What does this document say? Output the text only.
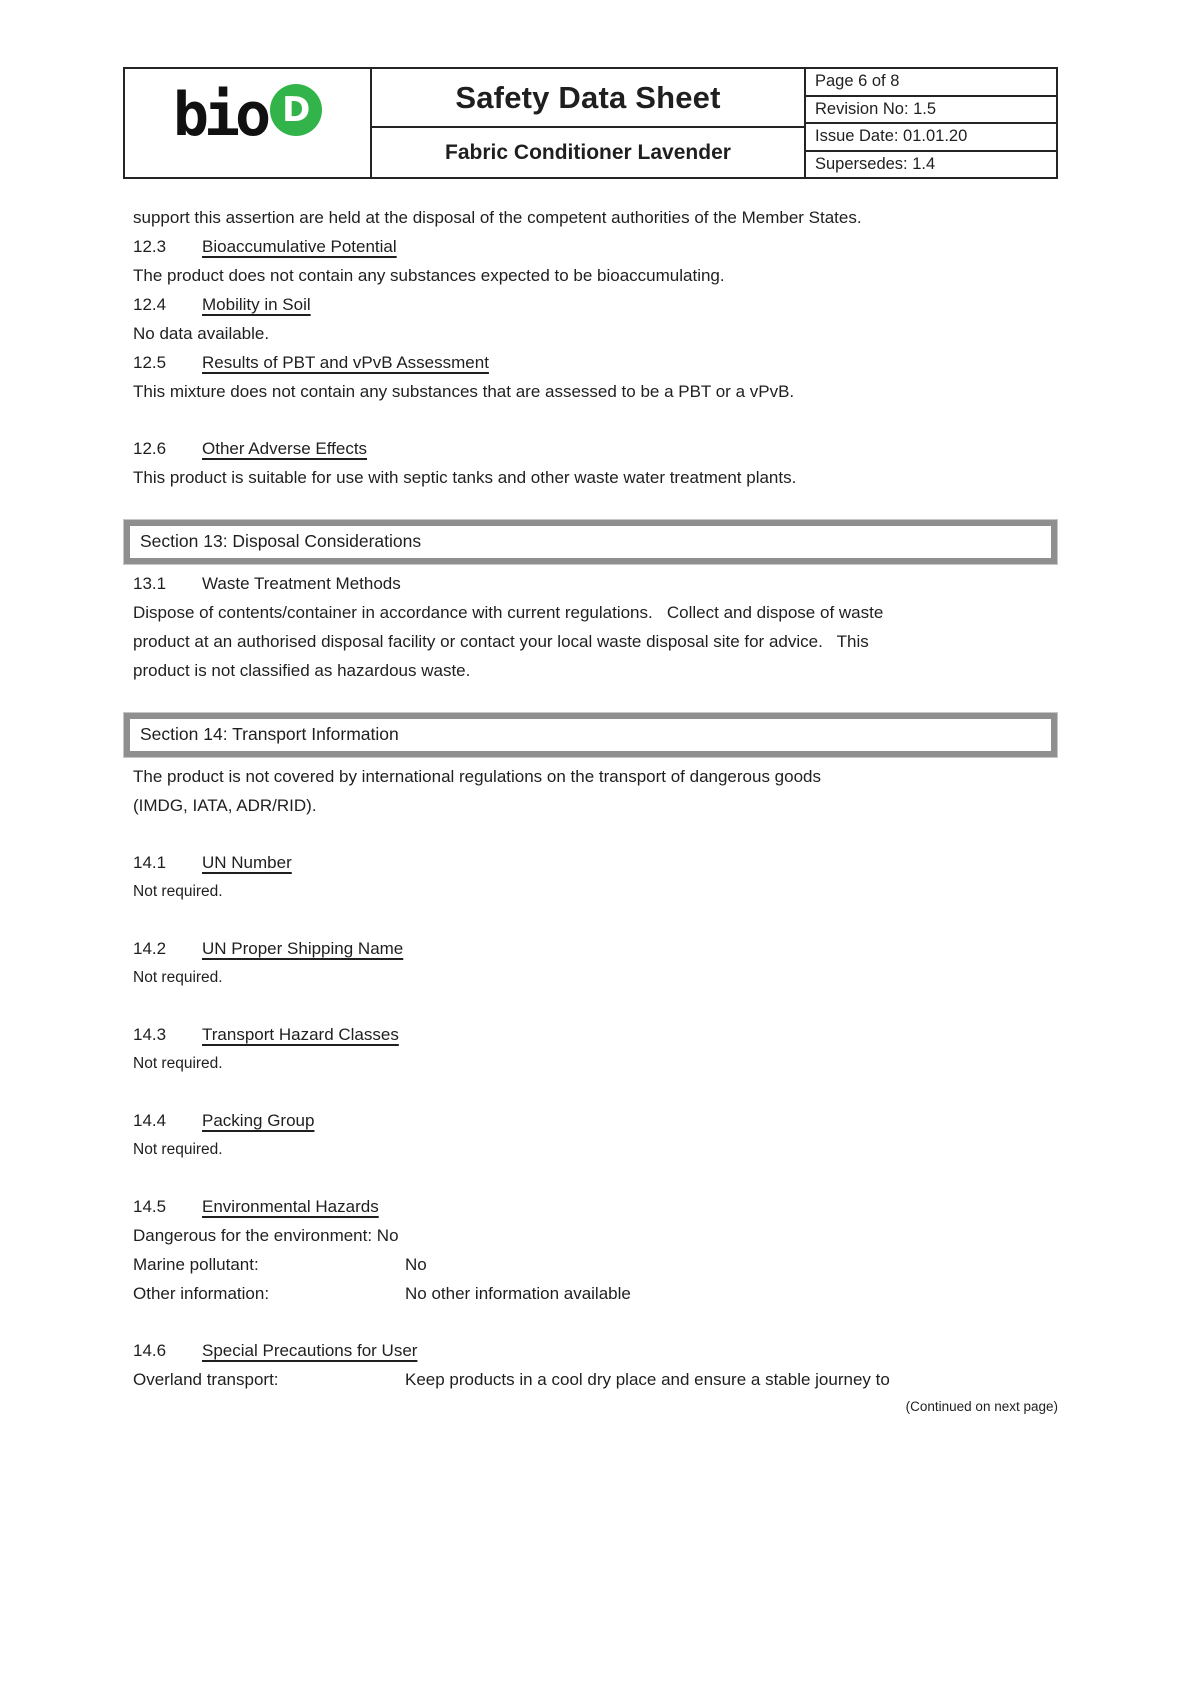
bio D	Safety Data Sheet
Fabric Conditioner Lavender
Page 6 of 8
Revision No: 1.5
Issue Date: 01.01.20
Supersedes: 1.4
support this assertion are held at the disposal of the competent authorities of the Member States.
12.3	Bioaccumulative Potential
The product does not contain any substances expected to be bioaccumulating.
12.4	Mobility in Soil
No data available.
12.5	Results of PBT and vPvB Assessment
This mixture does not contain any substances that are assessed to be a PBT or a vPvB.
12.6	Other Adverse Effects
This product is suitable for use with septic tanks and other waste water treatment plants.
Section 13: Disposal Considerations
13.1	Waste Treatment Methods
Dispose of contents/container in accordance with current regulations.   Collect and dispose of waste
product at an authorised disposal facility or contact your local waste disposal site for advice.   This
product is not classified as hazardous waste.
Section 14: Transport Information
The product is not covered by international regulations on the transport of dangerous goods
(IMDG, IATA, ADR/RID).
14.1	UN Number
Not required.
14.2	UN Proper Shipping Name
Not required.
14.3	Transport Hazard Classes
Not required.
14.4	Packing Group
Not required.
14.5	Environmental Hazards
Dangerous for the environment: No
Marine pollutant:	No
Other information:	No other information available
14.6	Special Precautions for User
Overland transport:	Keep products in a cool dry place and ensure a stable journey to
(Continued on next page)
